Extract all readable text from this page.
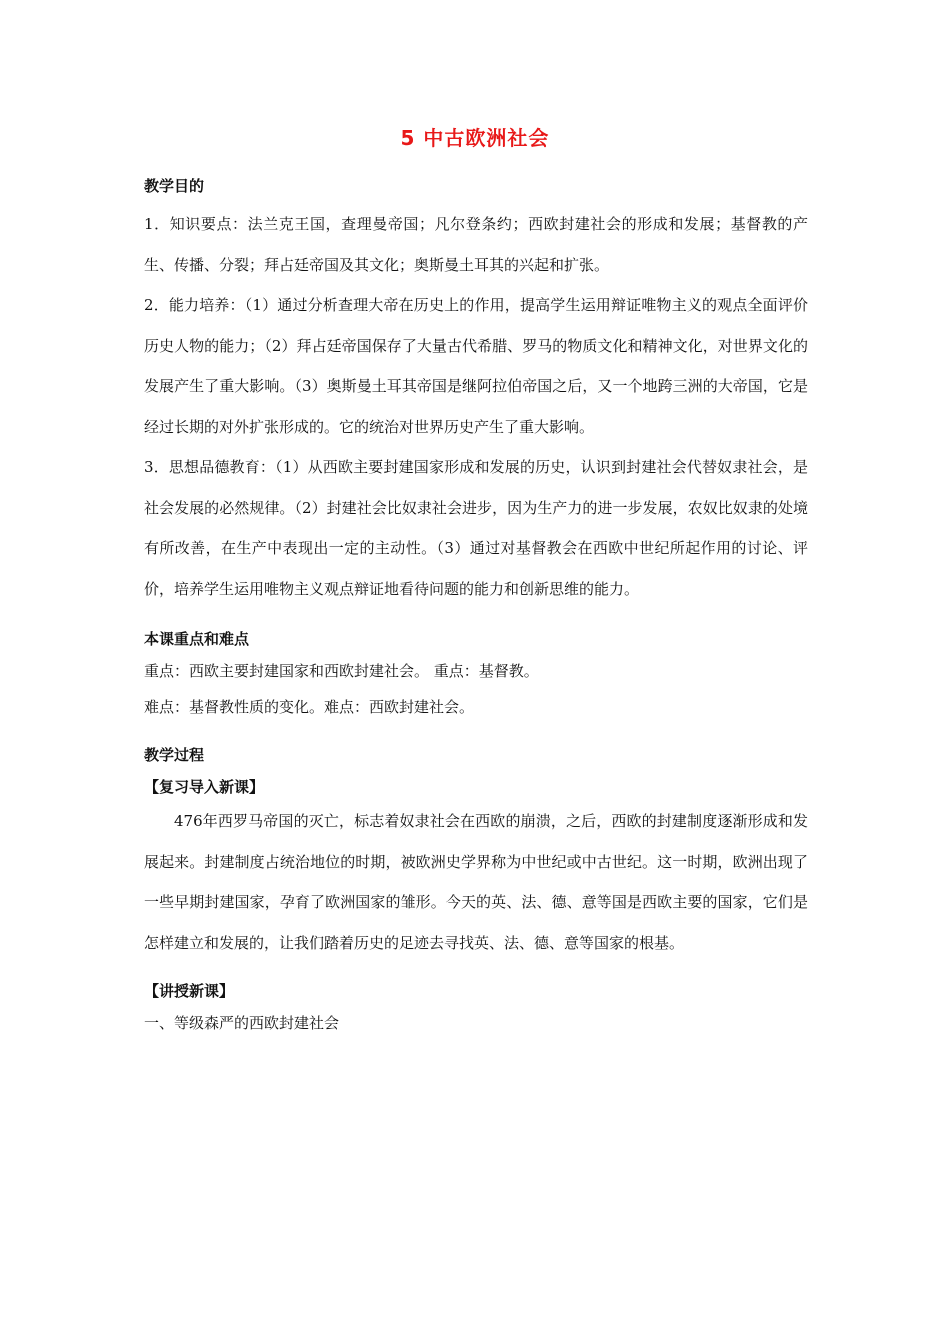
5 中古欧洲社会

教学目的

1．知识要点：法兰克王国，查理曼帝国；凡尔登条约；西欧封建社会的形成和发展；基督教的产生、传播、分裂；拜占廷帝国及其文化；奥斯曼土耳其的兴起和扩张。

2．能力培养：（1）通过分析查理大帝在历史上的作用，提高学生运用辩证唯物主义的观点全面评价历史人物的能力；（2）拜占廷帝国保存了大量古代希腊、罗马的物质文化和精神文化，对世界文化的发展产生了重大影响。（3）奥斯曼土耳其帝国是继阿拉伯帝国之后，又一个地跨三洲的大帝国，它是经过长期的对外扩张形成的。它的统治对世界历史产生了重大影响。

3．思想品德教育：（1）从西欧主要封建国家形成和发展的历史，认识到封建社会代替奴隶社会，是社会发展的必然规律。（2）封建社会比奴隶社会进步，因为生产力的进一步发展，农奴比奴隶的处境有所改善，在生产中表现出一定的主动性。（3）通过对基督教会在西欧中世纪所起作用的讨论、评价，培养学生运用唯物主义观点辩证地看待问题的能力和创新思维的能力。

本课重点和难点

重点：西欧主要封建国家和西欧封建社会。 重点：基督教。

难点：基督教性质的变化。难点：西欧封建社会。

教学过程

【复习导入新课】

476年西罗马帝国的灭亡，标志着奴隶社会在西欧的崩溃，之后，西欧的封建制度逐渐形成和发展起来。封建制度占统治地位的时期，被欧洲史学界称为中世纪或中古世纪。这一时期，欧洲出现了一些早期封建国家，孕育了欧洲国家的雏形。今天的英、法、德、意等国是西欧主要的国家，它们是怎样建立和发展的，让我们踏着历史的足迹去寻找英、法、德、意等国家的根基。

【讲授新课】

一、等级森严的西欧封建社会
